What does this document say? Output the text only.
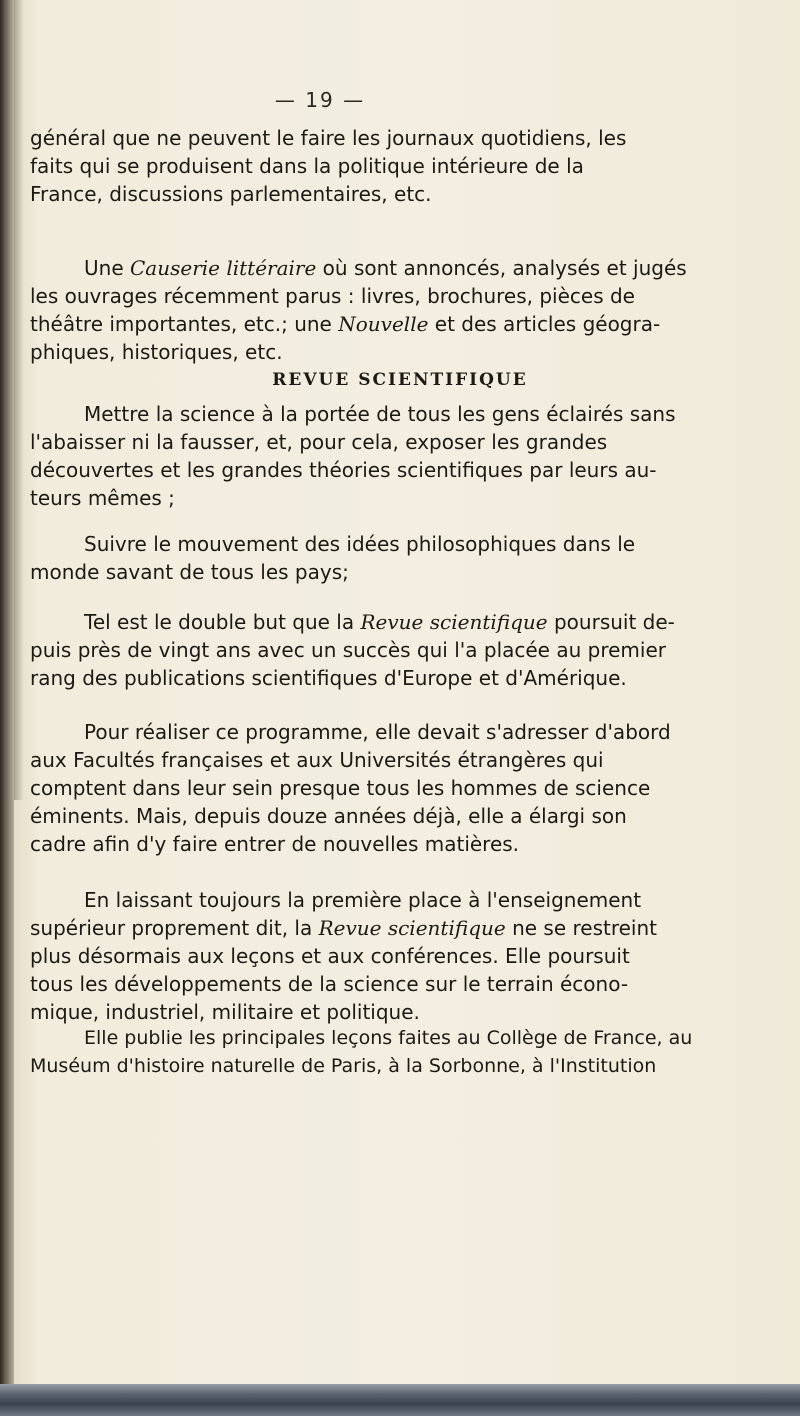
— 19 —
général que ne peuvent le faire les journaux quotidiens, les
faits qui se produisent dans la politique intérieure de la
France, discussions parlementaires, etc.
Une Causerie littéraire où sont annoncés, analysés et jugés
les ouvrages récemment parus : livres, brochures, pièces de
théâtre importantes, etc.; une Nouvelle et des articles géogra-
phiques, historiques, etc.
REVUE SCIENTIFIQUE
Mettre la science à la portée de tous les gens éclairés sans
l'abaisser ni la fausser, et, pour cela, exposer les grandes
découvertes et les grandes théories scientifiques par leurs au-
teurs mêmes ;
Suivre le mouvement des idées philosophiques dans le
monde savant de tous les pays;
Tel est le double but que la Revue scientifique poursuit de-
puis près de vingt ans avec un succès qui l'a placée au premier
rang des publications scientifiques d'Europe et d'Amérique.
Pour réaliser ce programme, elle devait s'adresser d'abord
aux Facultés françaises et aux Universités étrangères qui
comptent dans leur sein presque tous les hommes de science
éminents. Mais, depuis douze années déjà, elle a élargi son
cadre afin d'y faire entrer de nouvelles matières.
En laissant toujours la première place à l'enseignement
supérieur proprement dit, la Revue scientifique ne se restreint
plus désormais aux leçons et aux conférences. Elle poursuit
tous les développements de la science sur le terrain écono-
mique, industriel, militaire et politique.
Elle publie les principales leçons faites au Collège de France, au
Muséum d'histoire naturelle de Paris, à la Sorbonne, à l'Institution
